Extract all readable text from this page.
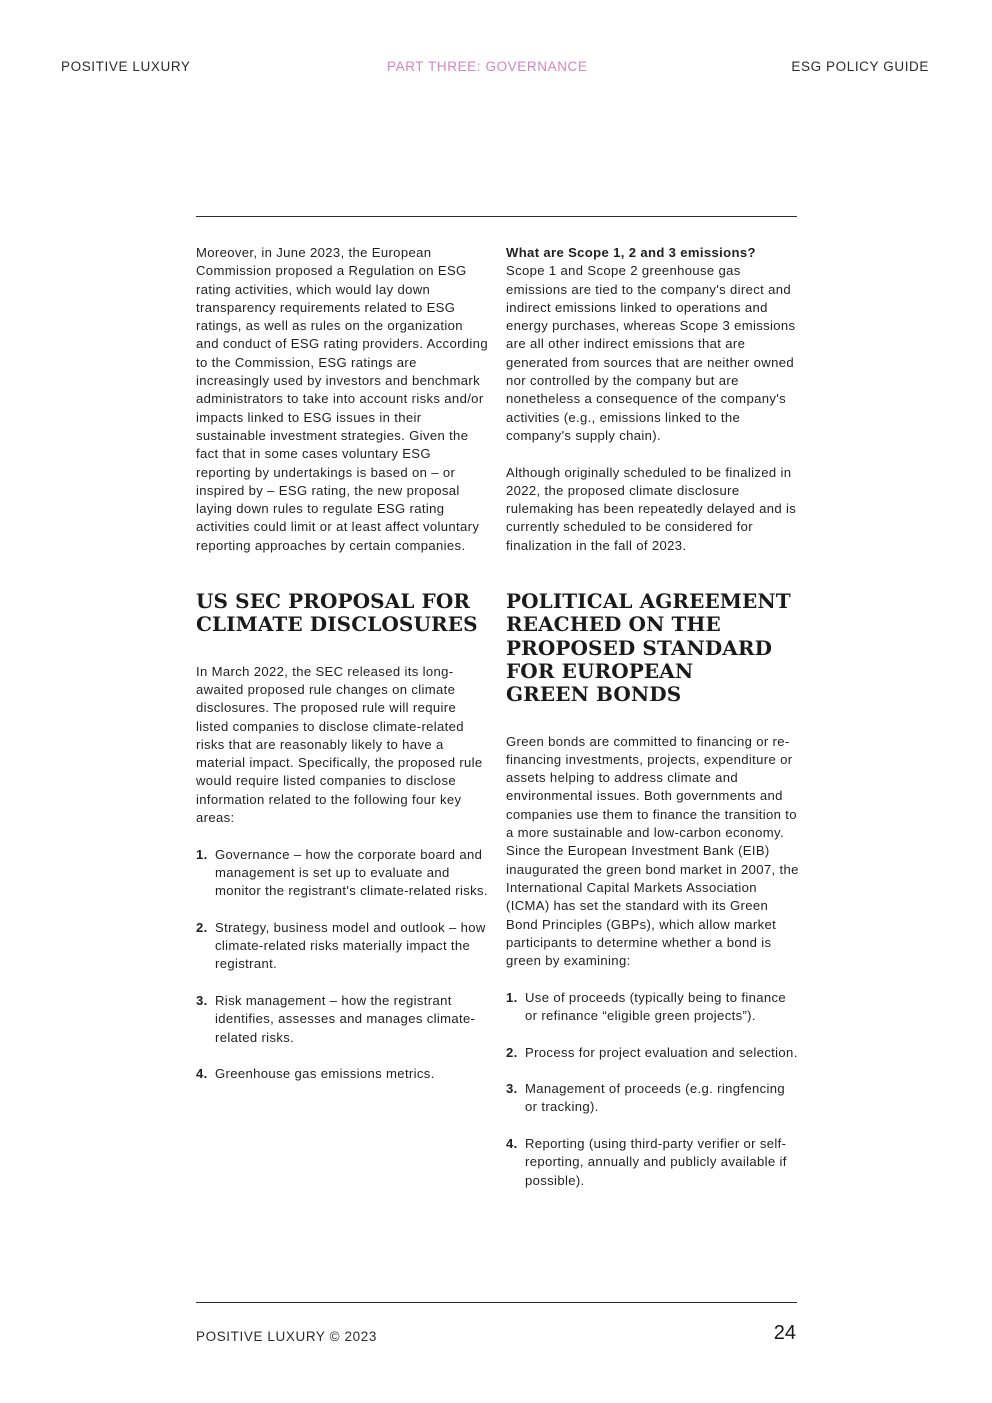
POSITIVE LUXURY	PART THREE: GOVERNANCE	ESG POLICY GUIDE

Moreover, in June 2023, the European Commission proposed a Regulation on ESG rating activities, which would lay down transparency requirements related to ESG ratings, as well as rules on the organization and conduct of ESG rating providers. According to the Commission, ESG ratings are increasingly used by investors and benchmark administrators to take into account risks and/or impacts linked to ESG issues in their sustainable investment strategies. Given the fact that in some cases voluntary ESG reporting by undertakings is based on – or inspired by – ESG rating, the new proposal laying down rules to regulate ESG rating activities could limit or at least affect voluntary reporting approaches by certain companies.

US SEC PROPOSAL FOR
CLIMATE DISCLOSURES

In March 2022, the SEC released its long-awaited proposed rule changes on climate disclosures. The proposed rule will require listed companies to disclose climate-related risks that are reasonably likely to have a material impact. Specifically, the proposed rule would require listed companies to disclose information related to the following four key areas:

1. Governance – how the corporate board and management is set up to evaluate and monitor the registrant's climate-related risks.
2. Strategy, business model and outlook – how climate-related risks materially impact the registrant.
3. Risk management – how the registrant identifies, assesses and manages climate-related risks.
4. Greenhouse gas emissions metrics.

What are Scope 1, 2 and 3 emissions?
Scope 1 and Scope 2 greenhouse gas emissions are tied to the company's direct and indirect emissions linked to operations and energy purchases, whereas Scope 3 emissions are all other indirect emissions that are generated from sources that are neither owned nor controlled by the company but are nonetheless a consequence of the company's activities (e.g., emissions linked to the company's supply chain).

Although originally scheduled to be finalized in 2022, the proposed climate disclosure rulemaking has been repeatedly delayed and is currently scheduled to be considered for finalization in the fall of 2023.

POLITICAL AGREEMENT
REACHED ON THE
PROPOSED STANDARD
FOR EUROPEAN
GREEN BONDS

Green bonds are committed to financing or re-financing investments, projects, expenditure or assets helping to address climate and environmental issues. Both governments and companies use them to finance the transition to a more sustainable and low-carbon economy. Since the European Investment Bank (EIB) inaugurated the green bond market in 2007, the International Capital Markets Association (ICMA) has set the standard with its Green Bond Principles (GBPs), which allow market participants to determine whether a bond is green by examining:

1. Use of proceeds (typically being to finance or refinance “eligible green projects”).
2. Process for project evaluation and selection.
3. Management of proceeds (e.g. ringfencing or tracking).
4. Reporting (using third-party verifier or self-reporting, annually and publicly available if possible).
POSITIVE LUXURY © 2023	24
